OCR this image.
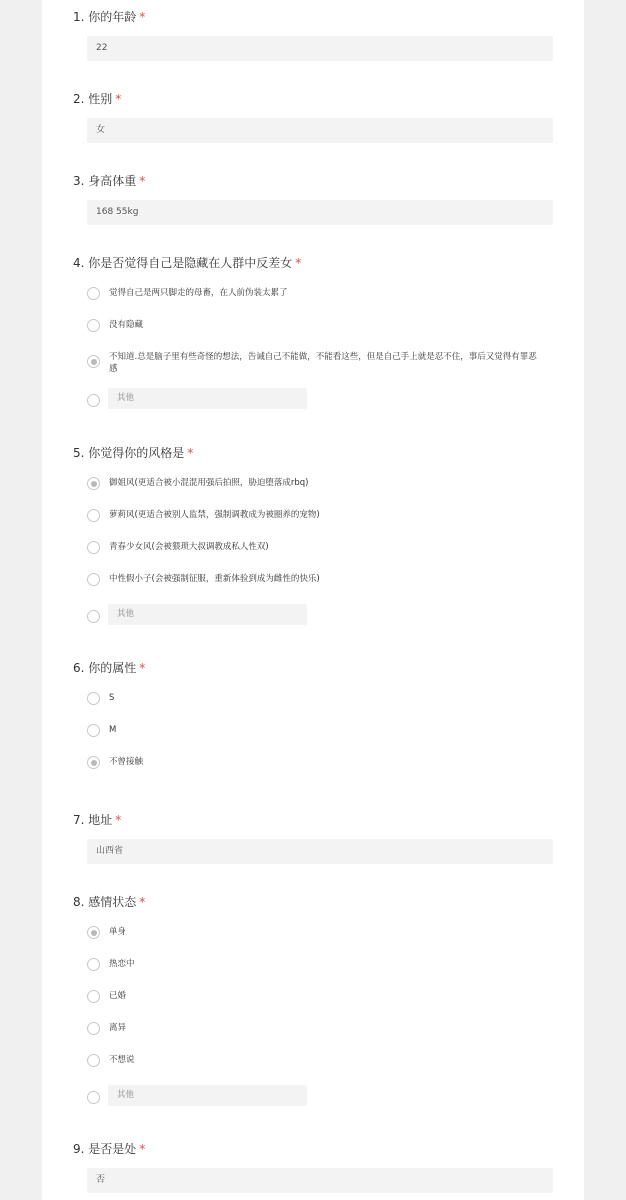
1. 你的年龄 *
22
2. 性别 *
女
3. 身高体重 *
168 55kg
4. 你是否觉得自己是隐藏在人群中反差女 *
觉得自己是两只脚走的母畜，在人前伪装太累了
没有隐藏
不知道.总是脑子里有些奇怪的想法，告诫自己不能做，不能看这些，但是自己手上就是忍不住，事后又觉得有罪恶感
其他
5. 你觉得你的风格是 *
御姐风(更适合被小混混用强后拍照，胁迫堕落成rbq)
萝莉风(更适合被别人监禁，强制调教成为被圈养的宠物)
青春少女风(会被猥琐大叔调教成私人性双)
中性假小子(会被强制征服，重新体验到成为雌性的快乐)
其他
6. 你的属性 *
S
M
不曾接触
7. 地址 *
山西省
8. 感情状态 *
单身
热恋中
已婚
离异
不想说
其他
9. 是否是处 *
否
